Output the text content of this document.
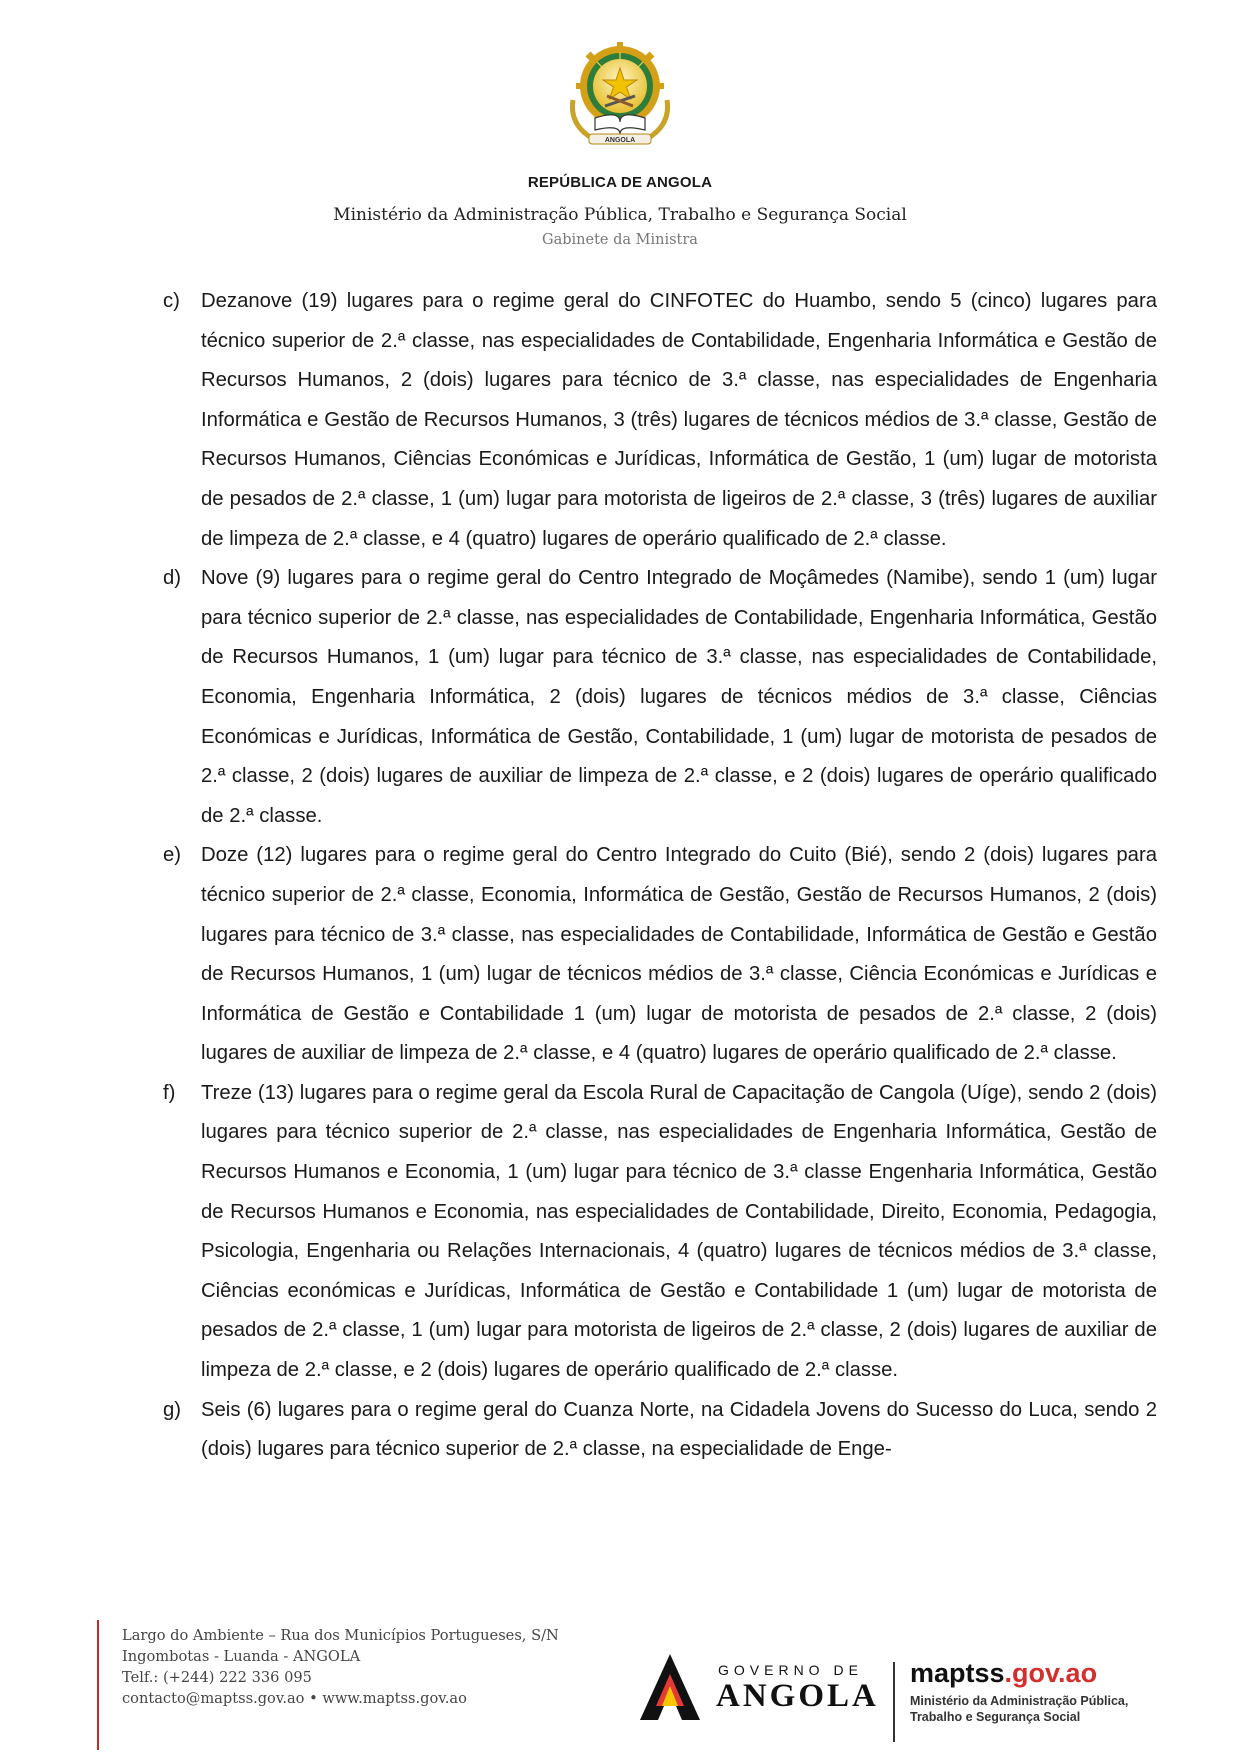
ANGOLA
REPÚBLICA DE ANGOLA
Ministério da Administração Pública, Trabalho e Segurança Social
Gabinete da Ministra
c)	Dezanove (19) lugares para o regime geral do CINFOTEC do Huambo, sendo 5 (cinco) lugares para técnico superior de 2.ª classe, nas especialidades de Contabilidade, Engenharia Informática e Gestão de Recursos Humanos, 2 (dois) lugares para técnico de 3.ª classe, nas especialidades de Engenharia Informática e Gestão de Recursos Humanos, 3 (três) lugares de técnicos médios de 3.ª classe, Gestão de Recursos Humanos, Ciências Económicas e Jurídicas, Informática de Gestão, 1 (um) lugar de motorista de pesados de 2.ª classe, 1 (um) lugar para motorista de ligeiros de 2.ª classe, 3 (três) lugares de auxiliar de limpeza de 2.ª classe, e 4 (quatro) lugares de operário qualificado de 2.ª classe.
d) Nove (9) lugares para o regime geral do Centro Integrado de Moçâmedes (Namibe), sendo 1 (um) lugar para técnico superior de 2.ª classe, nas especialidades de Contabilidade, Engenharia Informática, Gestão de Recursos Humanos, 1 (um) lugar para técnico de 3.ª classe, nas especialidades de Contabilidade, Economia, Engenharia Informática, 2 (dois) lugares de técnicos médios de 3.ª classe, Ciências Económicas e Jurídicas, Informática de Gestão, Contabilidade, 1 (um) lugar de motorista de pesados de 2.ª classe, 2 (dois) lugares de auxiliar de limpeza de 2.ª classe, e 2 (dois) lugares de operário qualificado de 2.ª classe.
e) Doze (12) lugares para o regime geral do Centro Integrado do Cuito (Bié), sendo 2 (dois) lugares para técnico superior de 2.ª classe, Economia, Informática de Gestão, Gestão de Recursos Humanos, 2 (dois) lugares para técnico de 3.ª classe, nas especialidades de Contabilidade, Informática de Gestão e Gestão de Recursos Humanos, 1 (um) lugar de técnicos médios de 3.ª classe, Ciência Económicas e Jurídicas e Informática de Gestão e Contabilidade 1 (um) lugar de motorista de pesados de 2.ª classe, 2 (dois) lugares de auxiliar de limpeza de 2.ª classe, e 4 (quatro) lugares de operário qualificado de 2.ª classe.
f)	Treze (13) lugares para o regime geral da Escola Rural de Capacitação de Cangola (Uíge), sendo 2 (dois) lugares para técnico superior de 2.ª classe, nas especialidades de Engenharia Informática, Gestão de Recursos Humanos e Economia, 1 (um) lugar para técnico de 3.ª classe Engenharia Informática, Gestão de Recursos Humanos e Economia, nas especialidades de Contabilidade, Direito, Economia, Pedagogia, Psicologia, Engenharia ou Relações Internacionais, 4 (quatro) lugares de técnicos médios de 3.ª classe, Ciências económicas e Jurídicas, Informática de Gestão e Contabilidade 1 (um) lugar de motorista de pesados de 2.ª classe, 1 (um) lugar para motorista de ligeiros de 2.ª classe, 2 (dois) lugares de auxiliar de limpeza de 2.ª classe, e 2 (dois) lugares de operário qualificado de 2.ª classe.
g) Seis (6) lugares para o regime geral do Cuanza Norte, na Cidadela Jovens do Sucesso do Luca, sendo 2 (dois) lugares para técnico superior de 2.ª classe, na especialidade de Enge-
Largo do Ambiente – Rua dos Municípios Portugueses, S/N
Ingombotas - Luanda - ANGOLA
Telf.: (+244) 222 336 095
contacto@maptss.gov.ao • www.maptss.gov.ao
GOVERNO DE
ANGOLA
maptss.gov.ao
Ministério da Administração Pública,
Trabalho e Segurança Social
